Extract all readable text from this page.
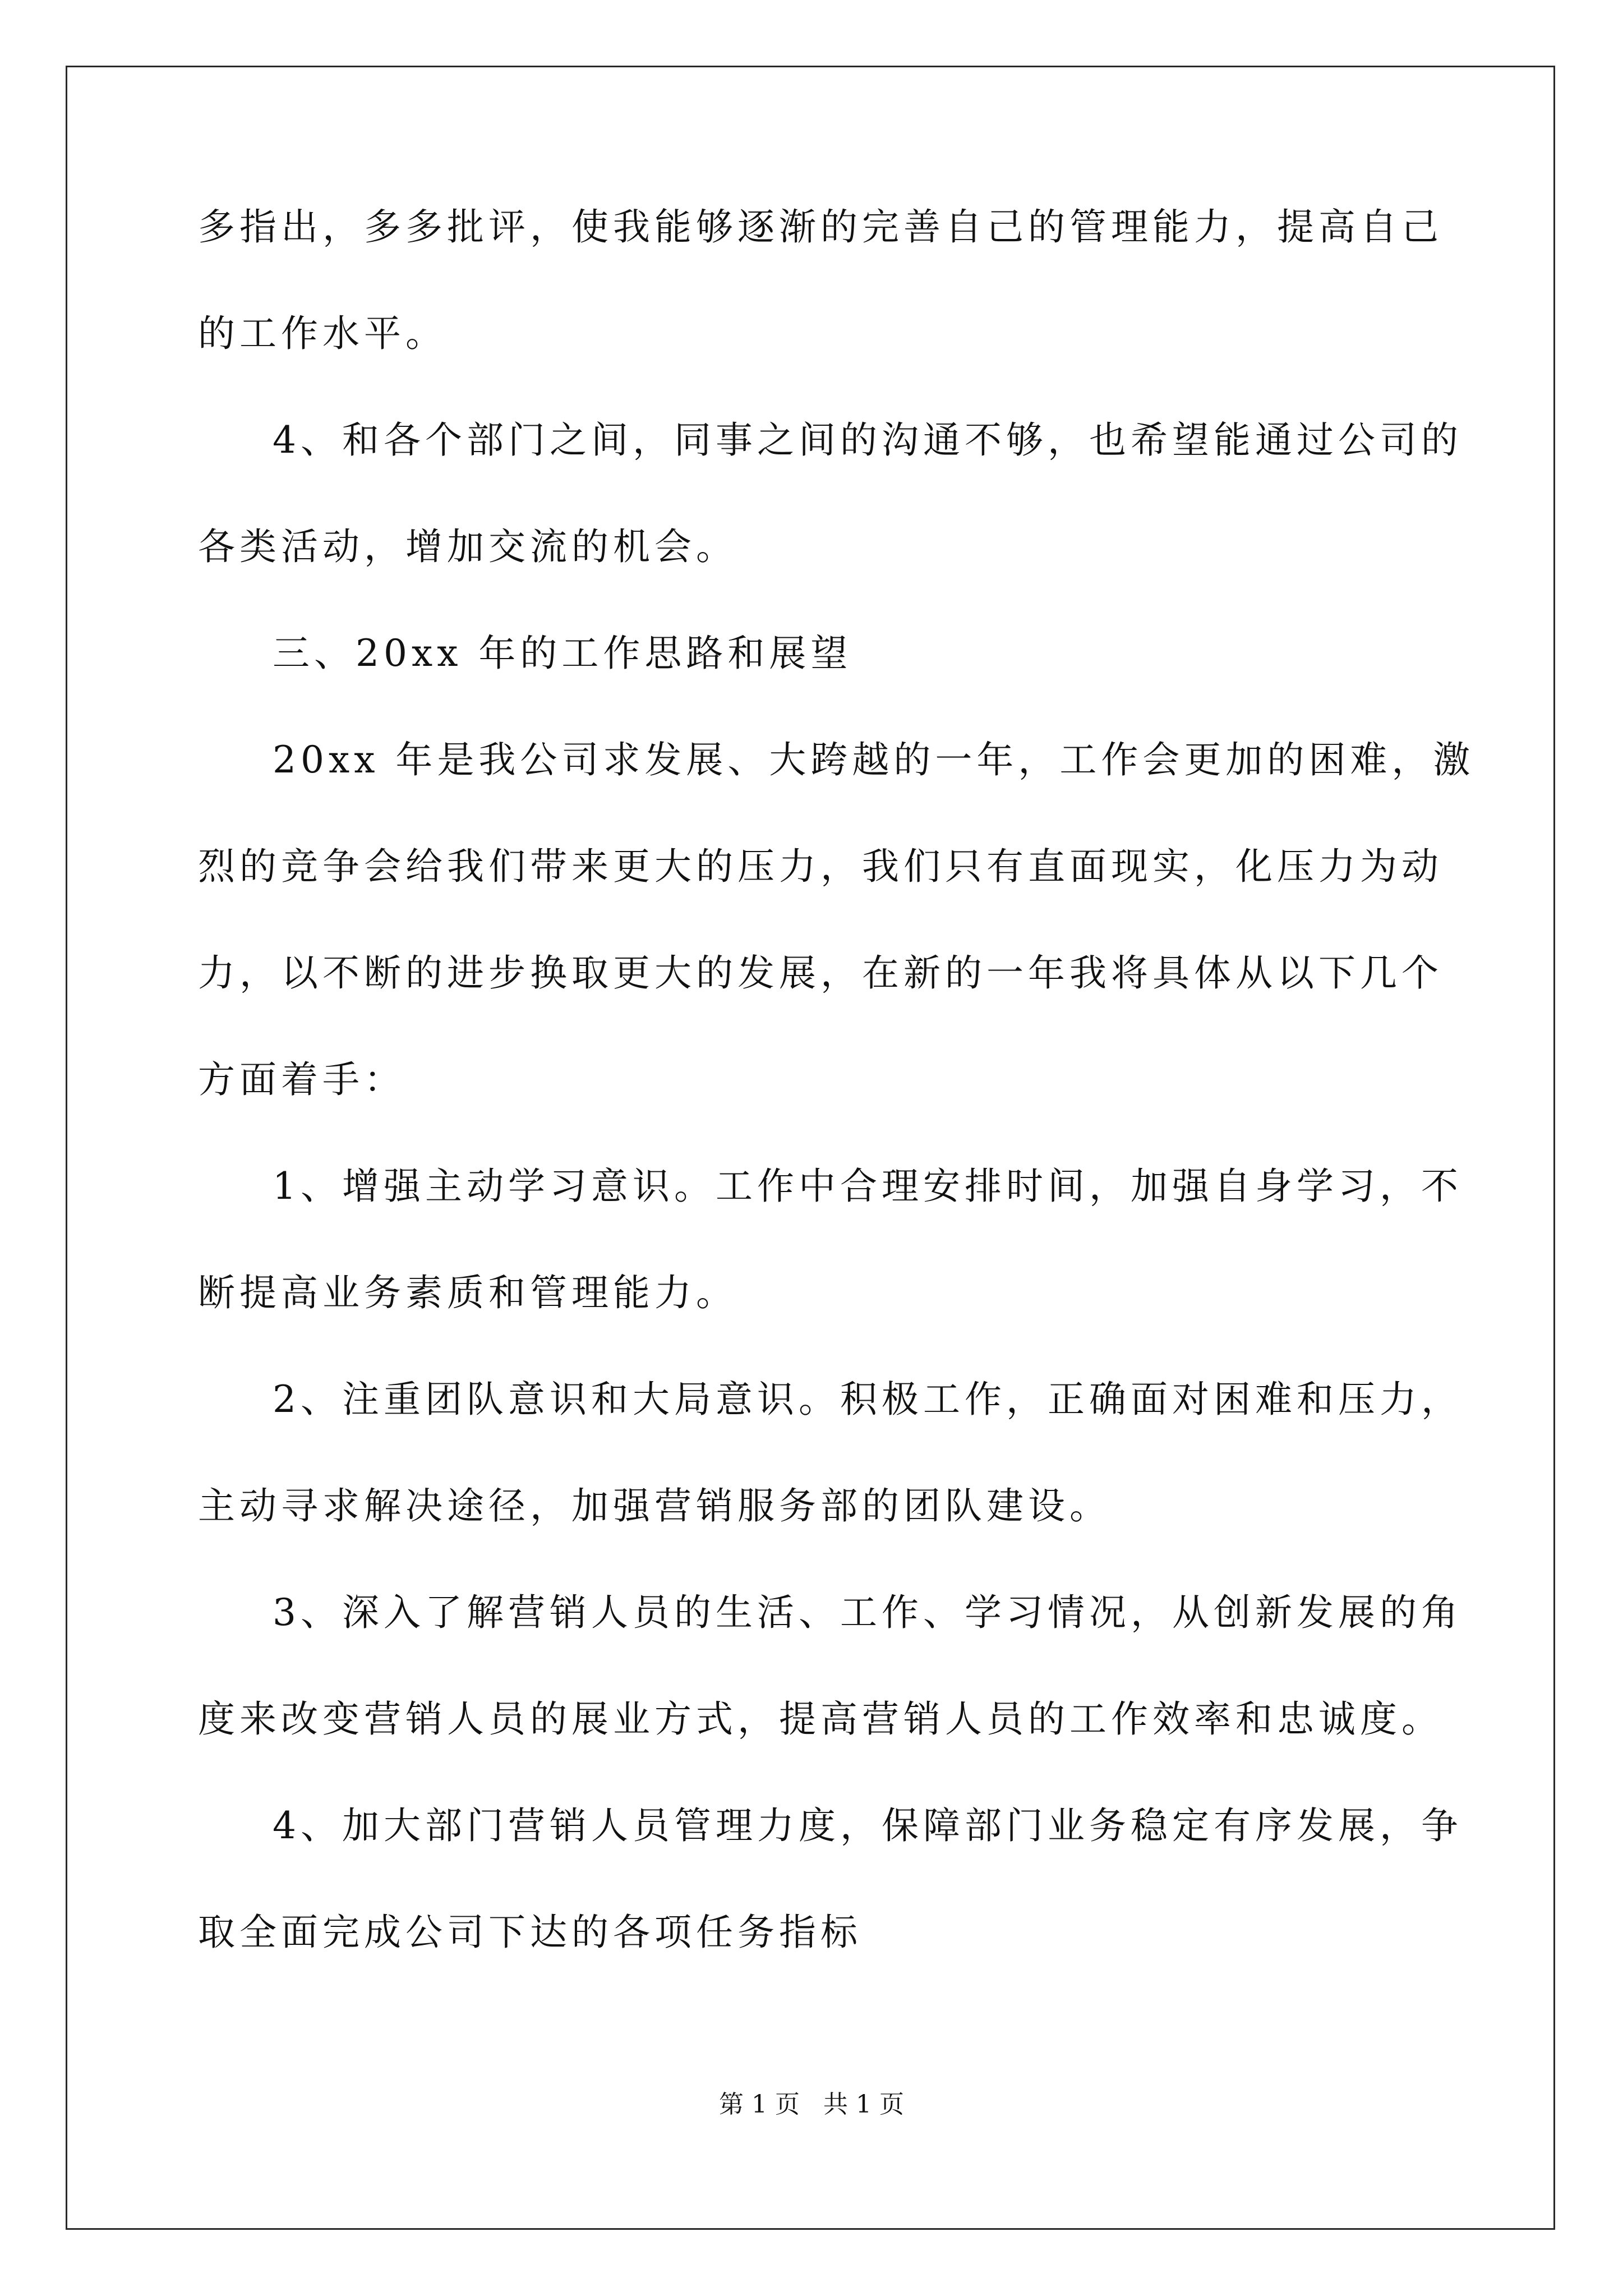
多指出，多多批评，使我能够逐渐的完善自己的管理能力，提高自己
的工作水平。
4、和各个部门之间，同事之间的沟通不够，也希望能通过公司的
各类活动，增加交流的机会。
三、20xx 年的工作思路和展望
20xx 年是我公司求发展、大跨越的一年，工作会更加的困难，激
烈的竞争会给我们带来更大的压力，我们只有直面现实，化压力为动
力，以不断的进步换取更大的发展，在新的一年我将具体从以下几个
方面着手：
1、增强主动学习意识。工作中合理安排时间，加强自身学习，不
断提高业务素质和管理能力。
2、注重团队意识和大局意识。积极工作，正确面对困难和压力，
主动寻求解决途径，加强营销服务部的团队建设。
3、深入了解营销人员的生活、工作、学习情况，从创新发展的角
度来改变营销人员的展业方式，提高营销人员的工作效率和忠诚度。
4、加大部门营销人员管理力度，保障部门业务稳定有序发展，争
取全面完成公司下达的各项任务指标
第 1 页   共 1 页
